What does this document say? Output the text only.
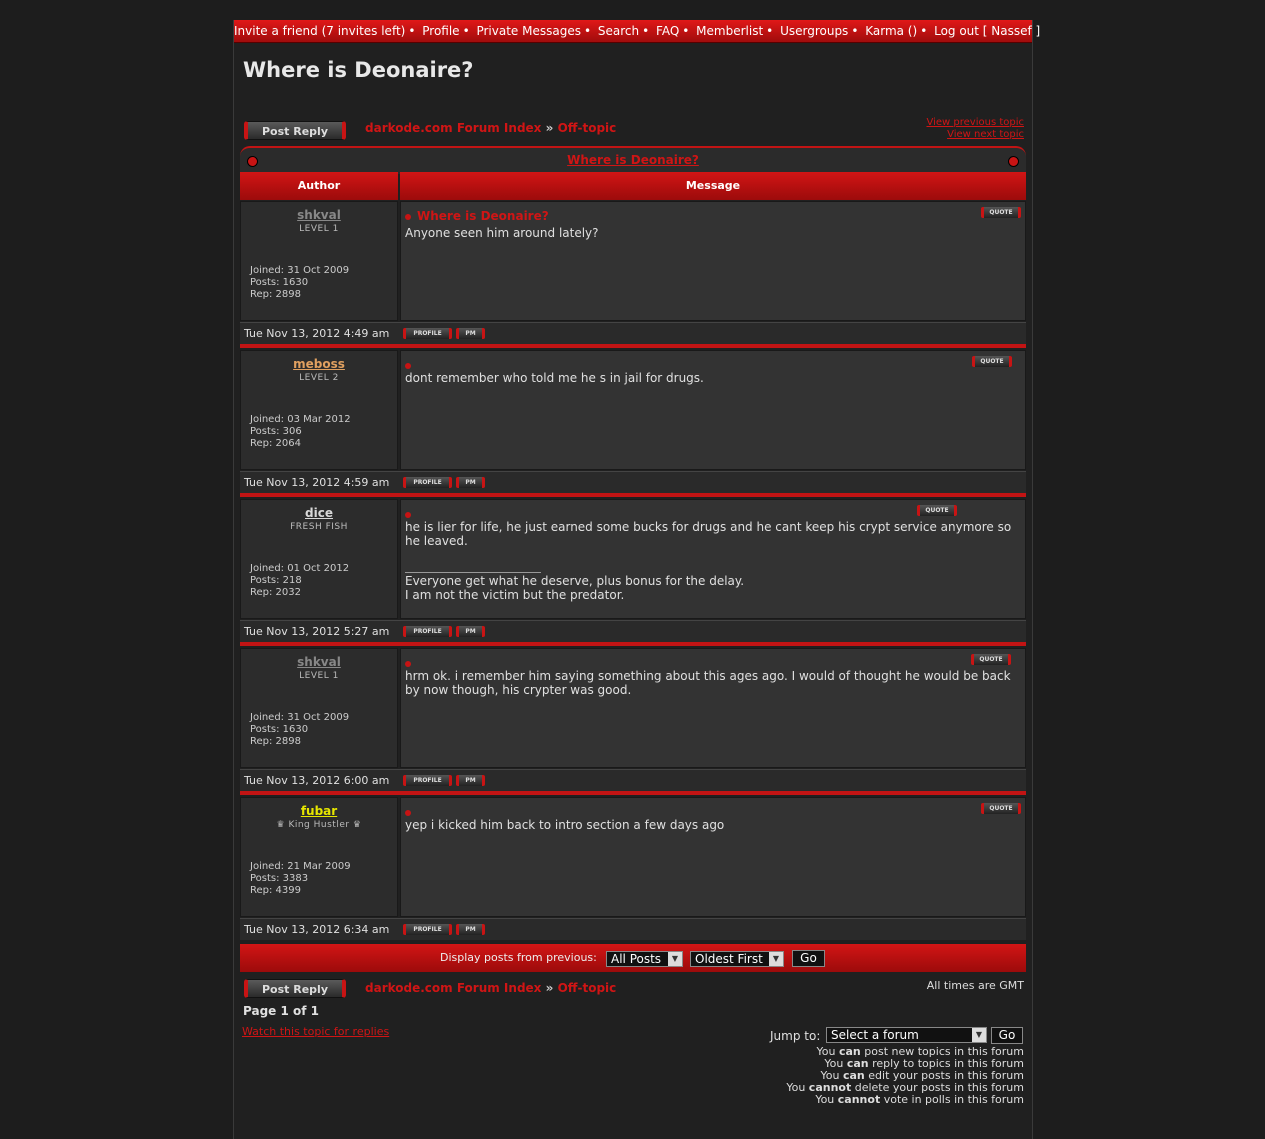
Invite a friend (7 invites left) • Profile • Private Messages • Search • FAQ • Memberlist • Usergroups • Karma () • Log out [ Nassef ]
Where is Deonaire?
Post Reply	darkode.com Forum Index » Off-topic	View previous topic
View next topic
Where is Deonaire?
Author	Message
shkval
LEVEL 1
Joined: 31 Oct 2009
Posts: 1630
Rep: 2898
Where is Deonaire?	QUOTE
Anyone seen him around lately?
Tue Nov 13, 2012 4:49 am	PROFILE	PM
meboss
LEVEL 2
Joined: 03 Mar 2012
Posts: 306
Rep: 2064
QUOTE
dont remember who told me he s in jail for drugs.
Tue Nov 13, 2012 4:59 am	PROFILE	PM
dice
FRESH FISH
Joined: 01 Oct 2012
Posts: 218
Rep: 2032
QUOTE
he is lier for life, he just earned some bucks for drugs and he cant keep his crypt service anymore so he leaved.
Everyone get what he deserve, plus bonus for the delay.
I am not the victim but the predator.
Tue Nov 13, 2012 5:27 am	PROFILE	PM
shkval
LEVEL 1
Joined: 31 Oct 2009
Posts: 1630
Rep: 2898
QUOTE
hrm ok. i remember him saying something about this ages ago. I would of thought he would be back by now though, his crypter was good.
Tue Nov 13, 2012 6:00 am	PROFILE	PM
fubar
♛ King Hustler ♛
Joined: 21 Mar 2009
Posts: 3383
Rep: 4399
QUOTE
yep i kicked him back to intro section a few days ago
Tue Nov 13, 2012 6:34 am	PROFILE	PM
Display posts from previous:	All Posts	▼	Oldest First	▼	Go
Post Reply	darkode.com Forum Index » Off-topic	All times are GMT
Page 1 of 1
Watch this topic for replies	Jump to: Select a forum	▼	Go
You can post new topics in this forum
You can reply to topics in this forum
You can edit your posts in this forum
You cannot delete your posts in this forum
You cannot vote in polls in this forum
